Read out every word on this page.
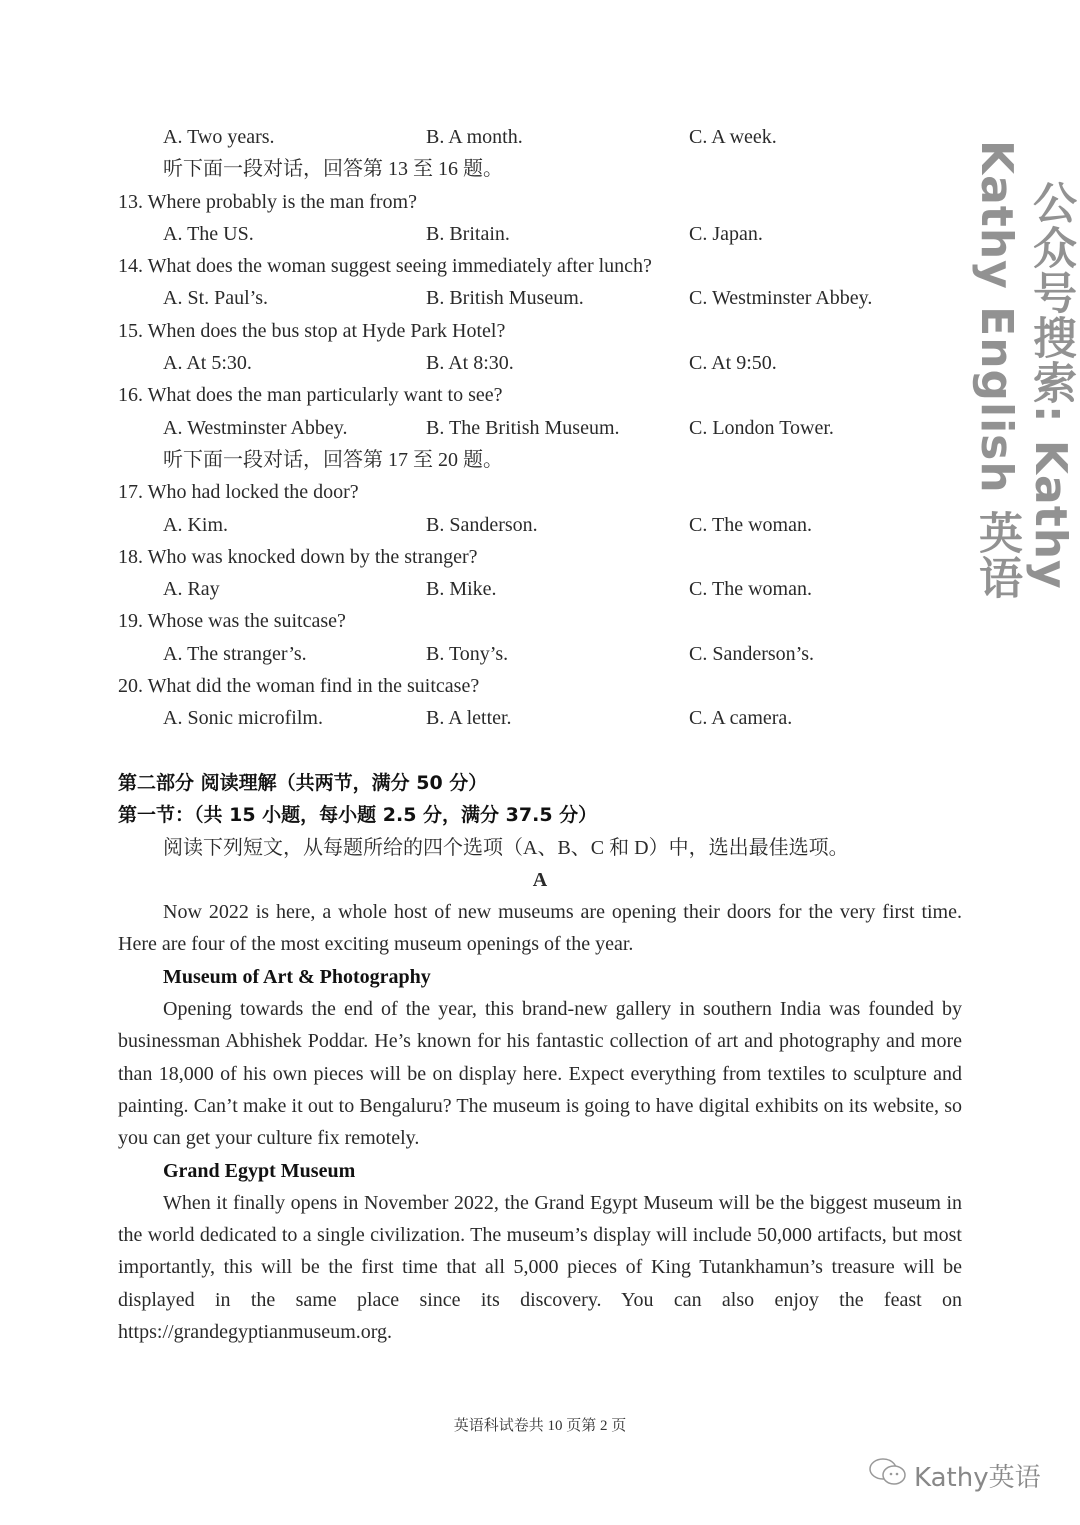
A. Two years.	B. A month.	C. A week.
听下面一段对话，回答第 13 至 16 题。
13. Where probably is the man from?
A. The US.	B. Britain.	C. Japan.
14. What does the woman suggest seeing immediately after lunch?
A. St. Paul’s.	B. British Museum.	C. Westminster Abbey.
15. When does the bus stop at Hyde Park Hotel?
A. At 5:30.	B. At 8:30.	C. At 9:50.
16. What does the man particularly want to see?
A. Westminster Abbey.	B. The British Museum.	C. London Tower.
听下面一段对话，回答第 17 至 20 题。
17. Who had locked the door?
A. Kim.	B. Sanderson.	C. The woman.
18. Who was knocked down by the stranger?
A. Ray	B. Mike.	C. The woman.
19. Whose was the suitcase?
A. The stranger’s.	B. Tony’s.	C. Sanderson’s.
20. What did the woman find in the suitcase?
A. Sonic microfilm.	B. A letter.	C. A camera.
第二部分 阅读理解（共两节，满分 50 分）
第一节：（共 15 小题，每小题 2.5 分，满分 37.5 分）
阅读下列短文，从每题所给的四个选项（A、B、C 和 D）中，选出最佳选项。
A
Now 2022 is here, a whole host of new museums are opening their doors for the very first time. Here are four of the most exciting museum openings of the year.
Museum of Art & Photography
Opening towards the end of the year, this brand-new gallery in southern India was founded by businessman Abhishek Poddar. He’s known for his fantastic collection of art and photography and more than 18,000 of his own pieces will be on display here. Expect everything from textiles to sculpture and painting. Can’t make it out to Bengaluru? The museum is going to have digital exhibits on its website, so you can get your culture fix remotely.
Grand Egypt Museum
When it finally opens in November 2022, the Grand Egypt Museum will be the biggest museum in the world dedicated to a single civilization. The museum’s display will include 50,000 artifacts, but most importantly, this will be the first time that all 5,000 pieces of King Tutankhamun’s treasure will be displayed in the same place since its discovery. You can also enjoy the feast on https://grandegyptianmuseum.org.
Kathy English 英语 公众号搜索: Kathy
英语科试卷共 10 页第 2 页
Kathy英语
